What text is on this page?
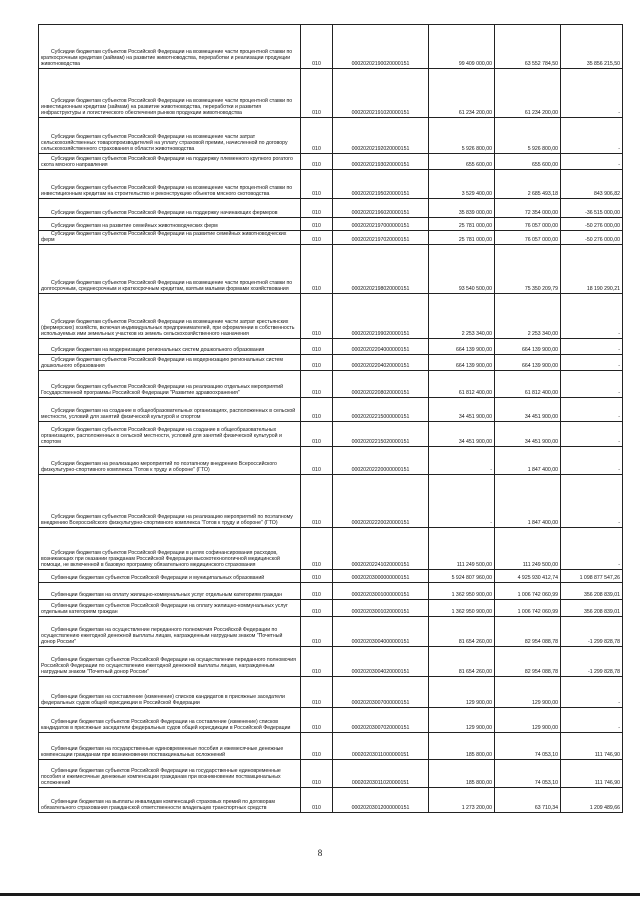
Субсидии бюджетам субъектов Российской Федерации на возмещение части процентной ставки по краткосрочным кредитам (займам) на развитие животноводства, переработки и реализации продукции животноводства	010	00020202190020000151	99 409 000,00	63 552 784,50	35 856 215,50
Субсидии бюджетам субъектов Российской Федерации на возмещение части процентной ставки по инвестиционным кредитам (займам) на развитие животноводства, переработки и развития инфраструктуры и логистического обеспечения рынков продукции животноводства	010	00020202191020000151	61 234 200,00	61 234 200,00	-
Субсидии бюджетам субъектов Российской Федерации на возмещение части затрат сельскохозяйственных товаропроизводителей на уплату страховой премии, начисленной по договору сельскохозяйственного страхования в области животноводства	010	00020202192020000151	5 926 800,00	5 926 800,00	-
Субсидии бюджетам субъектов Российской Федерации на поддержку племенного крупного рогатого скота мясного направления	010	00020202193020000151	655 600,00	655 600,00	-
Субсидии бюджетам субъектов Российской Федерации на возмещение части процентной ставки по инвестиционным кредитам на строительство и реконструкцию объектов мясного скотоводства	010	00020202195020000151	3 529 400,00	2 685 493,18	843 906,82
Субсидии бюджетам субъектов Российской Федерации на поддержку начинающих фермеров	010	00020202196020000151	35 839 000,00	72 354 000,00	-36 515 000,00
Субсидии бюджетам на развитие семейных животноводческих ферм	010	00020202197000000151	25 781 000,00	76 057 000,00	-50 276 000,00
Субсидии бюджетам субъектов Российской Федерации на развитие семейных животноводческих ферм	010	00020202197020000151	25 781 000,00	76 057 000,00	-50 276 000,00
Субсидии бюджетам субъектов Российской Федерации на возмещение части процентной ставки по долгосрочным, среднесрочным и краткосрочным кредитам, взятым малыми формами хозяйствования	010	00020202198020000151	93 540 500,00	75 350 209,79	18 190 290,21
Субсидии бюджетам субъектов Российской Федерации на возмещение части затрат крестьянских (фермерских) хозяйств, включая индивидуальных предпринимателей, при оформлении в собственность используемых ими земельных участков из земель сельскохозяйственного назначения	010	00020202199020000151	2 253 340,00	2 253 340,00	-
Субсидии бюджетам на модернизацию региональных систем дошкольного образования	010	00020202204000000151	664 139 900,00	664 139 900,00	-
Субсидии бюджетам субъектов Российской Федерации на модернизацию региональных систем дошкольного образования	010	00020202204020000151	664 139 900,00	664 139 900,00	-
Субсидии бюджетам субъектов Российской Федерации на реализацию отдельных мероприятий Государственной программы Российской Федерации "Развитие здравоохранения"	010	00020202208020000151	61 812 400,00	61 812 400,00	-
Субсидии бюджетам на создание в общеобразовательных организациях, расположенных в сельской местности, условий для занятий физической культурой и спортом	010	00020202215000000151	34 451 900,00	34 451 900,00	-
Субсидии бюджетам субъектов Российской Федерации на создание в общеобразовательных организациях, расположенных в сельской местности, условий для занятий физической культурой и спортом	010	00020202215020000151	34 451 900,00	34 451 900,00	-
Субсидии бюджетам на реализацию мероприятий по поэтапному внедрению Всероссийского физкультурно-спортивного комплекса "Готов к труду и обороне" (ГТО)	010	00020202220000000151	-	1 847 400,00	-
Субсидии бюджетам субъектов Российской Федерации на реализацию мероприятий по поэтапному внедрению Всероссийского физкультурно-спортивного комплекса "Готов к труду и обороне" (ГТО)	010	00020202220020000151	-	1 847 400,00	-
Субсидии бюджетам субъектов Российской Федерации в целях софинансирования расходов, возникающих при оказании гражданам Российской Федерации высокотехнологичной медицинской помощи, не включенной в базовую программу обязательного медицинского страхования	010	00020202241020000151	111 249 500,00	111 249 500,00	-
Субвенции бюджетам субъектов Российской Федерации и муниципальных образований	010	00020203000000000151	5 924 807 960,00	4 925 930 412,74	1 098 877 547,26
Субвенции бюджетам на оплату жилищно-коммунальных услуг отдельным категориям граждан	010	00020203001000000151	1 362 950 900,00	1 006 742 060,99	356 208 839,01
Субвенции бюджетам субъектов Российской Федерации на оплату жилищно-коммунальных услуг отдельным категориям граждан	010	00020203001020000151	1 362 950 900,00	1 006 742 060,99	356 208 839,01
Субвенции бюджетам на осуществление переданного полномочия Российской Федерации по осуществлению ежегодной денежной выплаты лицам, награжденным нагрудным знаком "Почетный донор России"	010	00020203004000000151	81 654 260,00	82 954 088,78	-1 299 828,78
Субвенции бюджетам субъектов Российской Федерации на осуществление переданного полномочия Российской Федерации по осуществлению ежегодной денежной выплаты лицам, награжденным нагрудным знаком "Почетный донор России"	010	00020203004020000151	81 654 260,00	82 954 088,78	-1 299 828,78
Субвенции бюджетам на составление (изменение) списков кандидатов в присяжные заседатели федеральных судов общей юрисдикции в Российской Федерации	010	00020203007000000151	129 900,00	129 900,00	-
Субвенции бюджетам субъектов Российской Федерации на составление (изменение) списков кандидатов в присяжные заседатели федеральных судов общей юрисдикции в Российской Федерации	010	00020203007020000151	129 900,00	129 900,00	-
Субвенции бюджетам на государственные единовременные пособия и ежемесячные денежные компенсации гражданам при возникновении поствакцинальных осложнений	010	00020203011000000151	185 800,00	74 053,10	111 746,90
Субвенции бюджетам субъектов Российской Федерации на государственные единовременные пособия и ежемесячные денежные компенсации гражданам при возникновении поствакцинальных осложнений	010	00020203011020000151	185 800,00	74 053,10	111 746,90
Субвенции бюджетам на выплаты инвалидам компенсаций страховых премий по договорам обязательного страхования гражданской ответственности владельцев транспортных средств	010	00020203012000000151	1 273 200,00	63 710,34	1 209 489,66
8
